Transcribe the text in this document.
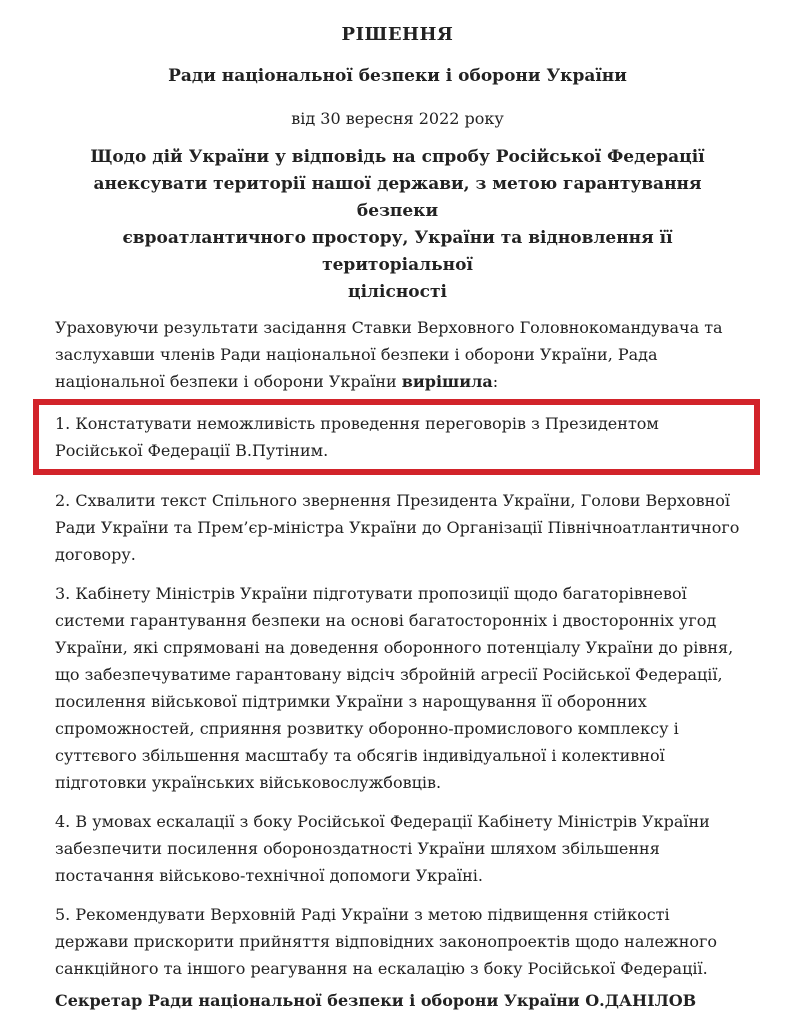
РІШЕННЯ
Ради національної безпеки і оборони України

від 30 вересня 2022 року

Щодо дій України у відповідь на спробу Російської Федерації
анексувати території нашої держави, з метою гарантування безпеки
євроатлантичного простору, України та відновлення її територіальної
цілісності

Ураховуючи результати засідання Ставки Верховного Головнокомандувача та заслухавши членів Ради національної безпеки і оборони України, Рада національної безпеки і оборони України вирішила:

1. Констатувати неможливість проведення переговорів з Президентом Російської Федерації В.Путіним.

2. Схвалити текст Спільного звернення Президента України, Голови Верховної Ради України та Прем’єр-міністра України до Організації Північноатлантичного договору.

3. Кабінету Міністрів України підготувати пропозиції щодо багаторівневої системи гарантування безпеки на основі багатосторонніх і двосторонніх угод України, які спрямовані на доведення оборонного потенціалу України до рівня, що забезпечуватиме гарантовану відсіч збройній агресії Російської Федерації, посилення військової підтримки України з нарощування її оборонних спроможностей, сприяння розвитку оборонно-промислового комплексу і суттєвого збільшення масштабу та обсягів індивідуальної і колективної підготовки українських військовослужбовців.

4. В умовах ескалації з боку Російської Федерації Кабінету Міністрів України забезпечити посилення обороноздатності України шляхом збільшення постачання військово-технічної допомоги Україні.

5. Рекомендувати Верховній Раді України з метою підвищення стійкості держави прискорити прийняття відповідних законопроектів щодо належного санкційного та іншого реагування на ескалацію з боку Російської Федерації.

Секретар Ради національної безпеки і оборони України О.ДАНІЛОВ
